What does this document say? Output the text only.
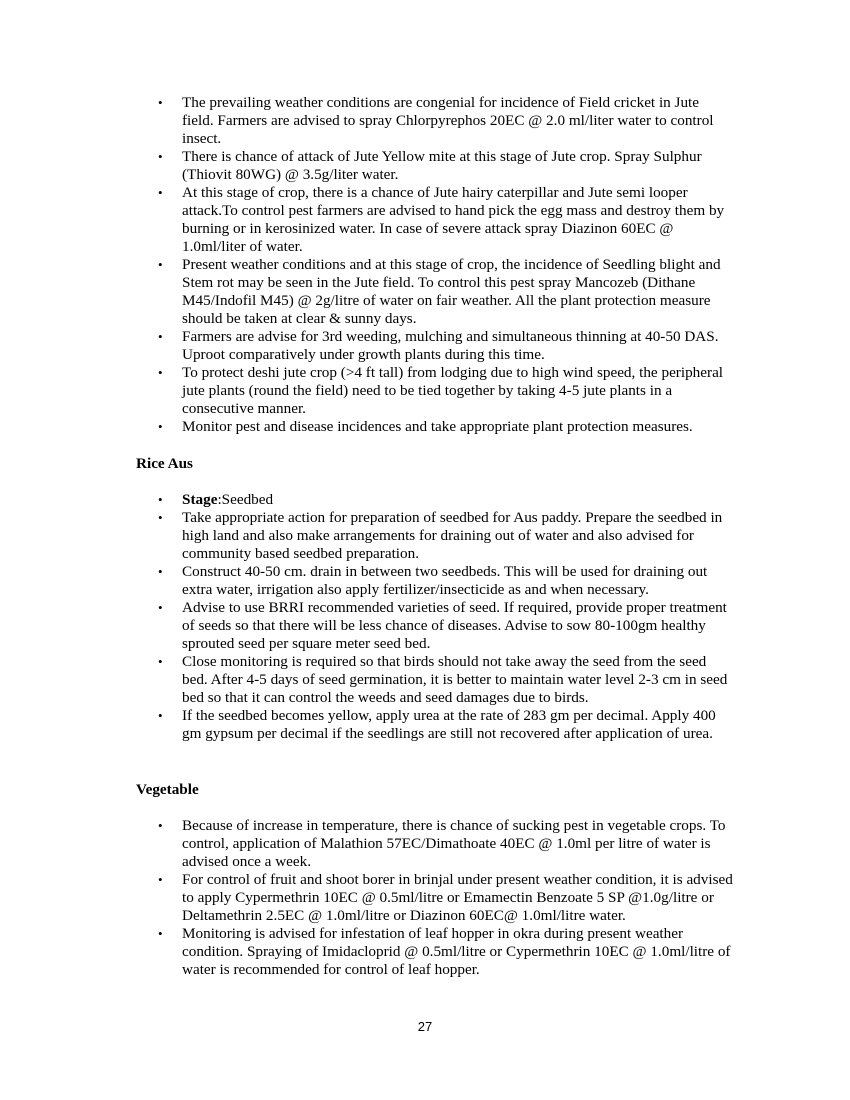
• The prevailing weather conditions are congenial for incidence of Field cricket in Jute field. Farmers are advised to spray Chlorpyrephos 20EC @ 2.0 ml/liter water to control insect.
• There is chance of attack of Jute Yellow mite at this stage of Jute crop. Spray Sulphur (Thiovit 80WG) @ 3.5g/liter water.
• At this stage of crop, there is a chance of Jute hairy caterpillar and Jute semi looper attack.To control pest farmers are advised to hand pick the egg mass and destroy them by burning or in kerosinized water. In case of severe attack spray Diazinon 60EC @ 1.0ml/liter of water.
• Present weather conditions and at this stage of crop, the incidence of Seedling blight and Stem rot may be seen in the Jute field. To control this pest spray Mancozeb (Dithane M45/Indofil M45) @ 2g/litre of water on fair weather. All the plant protection measure should be taken at clear & sunny days.
• Farmers are advise for 3rd weeding, mulching and simultaneous thinning at 40-50 DAS. Uproot comparatively under growth plants during this time.
• To protect deshi jute crop (>4 ft tall) from lodging due to high wind speed, the peripheral jute plants (round the field) need to be tied together by taking 4-5 jute plants in a consecutive manner.
• Monitor pest and disease incidences and take appropriate plant protection measures.
Rice Aus
• Stage:Seedbed
• Take appropriate action for preparation of seedbed for Aus paddy. Prepare the seedbed in high land and also make arrangements for draining out of water and also advised for community based seedbed preparation.
• Construct 40-50 cm. drain in between two seedbeds. This will be used for draining out extra water, irrigation also apply fertilizer/insecticide as and when necessary.
• Advise to use BRRI recommended varieties of seed. If required, provide proper treatment of seeds so that there will be less chance of diseases. Advise to sow 80-100gm healthy sprouted seed per square meter seed bed.
• Close monitoring is required so that birds should not take away the seed from the seed bed. After 4-5 days of seed germination, it is better to maintain water level 2-3 cm in seed bed so that it can control the weeds and seed damages due to birds.
• If the seedbed becomes yellow, apply urea at the rate of 283 gm per decimal. Apply 400 gm gypsum per decimal if the seedlings are still not recovered after application of urea.
Vegetable
• Because of increase in temperature, there is chance of sucking pest in vegetable crops. To control, application of Malathion 57EC/Dimathoate 40EC @ 1.0ml per litre of water is advised once a week.
• For control of fruit and shoot borer in brinjal under present weather condition, it is advised to apply Cypermethrin 10EC @ 0.5ml/litre or Emamectin Benzoate 5 SP @1.0g/litre or Deltamethrin 2.5EC @ 1.0ml/litre or Diazinon 60EC@ 1.0ml/litre water.
• Monitoring is advised for infestation of leaf hopper in okra during present weather condition. Spraying of Imidacloprid @ 0.5ml/litre or Cypermethrin 10EC @ 1.0ml/litre of water is recommended for control of leaf hopper.
27
